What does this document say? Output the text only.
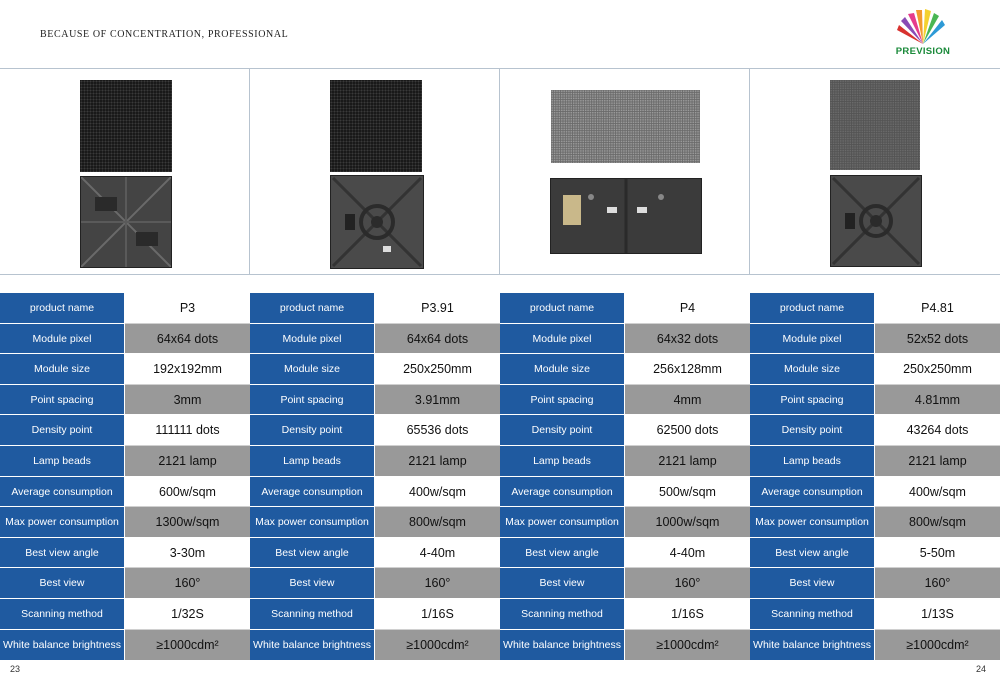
BECAUSE OF CONCENTRATION, PROFESSIONAL
PREVISION
product name	P3
Module pixel	64x64 dots
Module size	192x192mm
Point spacing	3mm
Density point	111111 dots
Lamp beads	2121 lamp
Average consumption	600w/sqm
Max power consumption	1300w/sqm
Best view angle	3-30m
Best view	160°
Scanning method	1/32S
White balance brightness	≥1000cdm²
product name	P3.91
Module pixel	64x64 dots
Module size	250x250mm
Point spacing	3.91mm
Density point	65536 dots
Lamp beads	2121 lamp
Average consumption	400w/sqm
Max power consumption	800w/sqm
Best view angle	4-40m
Best view	160°
Scanning method	1/16S
White balance brightness	≥1000cdm²
product name	P4
Module pixel	64x32 dots
Module size	256x128mm
Point spacing	4mm
Density point	62500 dots
Lamp beads	2121 lamp
Average consumption	500w/sqm
Max power consumption	1000w/sqm
Best view angle	4-40m
Best view	160°
Scanning method	1/16S
White balance brightness	≥1000cdm²
product name	P4.81
Module pixel	52x52 dots
Module size	250x250mm
Point spacing	4.81mm
Density point	43264 dots
Lamp beads	2121 lamp
Average consumption	400w/sqm
Max power consumption	800w/sqm
Best view angle	5-50m
Best view	160°
Scanning method	1/13S
White balance brightness	≥1000cdm²
23	24
